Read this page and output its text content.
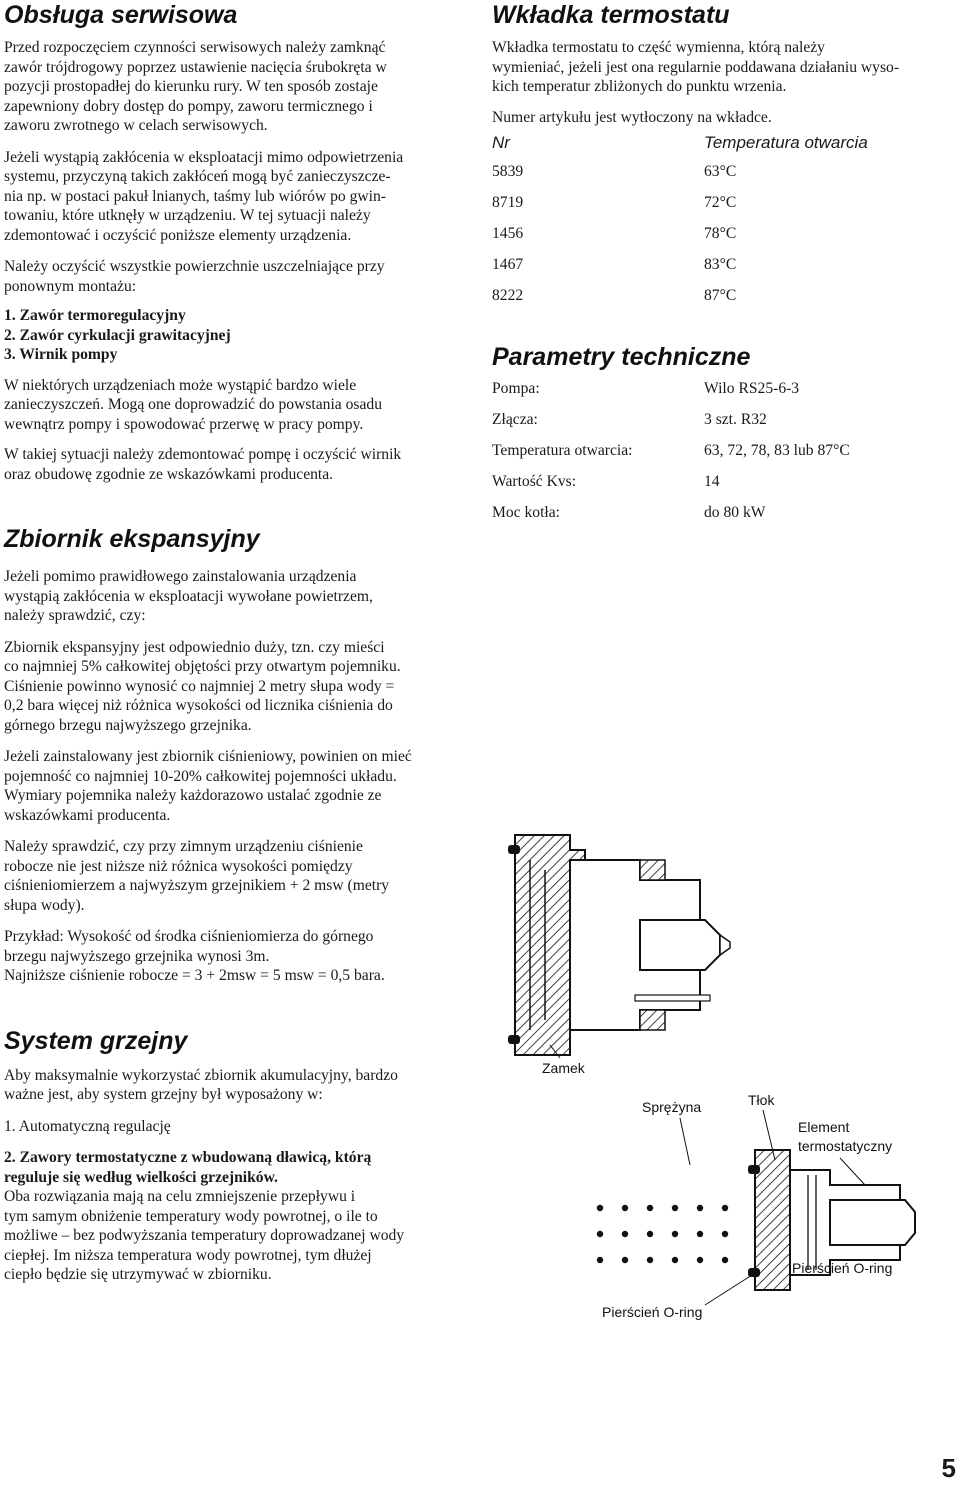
Obsługa serwisowa

Przed rozpoczęciem czynności serwisowych należy zamknąć
zawór trójdrogowy poprzez ustawienie nacięcia śrubokręta w
pozycji prostopadłej do kierunku rury. W ten sposób zostaje
zapewniony dobry dostęp do pompy, zaworu termicznego i
zaworu zwrotnego w celach serwisowych.

Jeżeli wystąpią zakłócenia w eksploatacji mimo odpowietrzenia
systemu, przyczyną takich zakłóceń mogą być zanieczyszcze-
nia np. w postaci pakuł lnianych, taśmy lub wiórów po gwin-
towaniu, które utknęły w urządzeniu. W tej sytuacji należy
zdemontować i oczyścić poniższe elementy urządzenia.

Należy oczyścić wszystkie powierzchnie uszczelniające przy
ponownym montażu:

1. Zawór termoregulacyjny

2. Zawór cyrkulacji grawitacyjnej

3. Wirnik pompy

W niektórych urządzeniach może wystąpić bardzo wiele
zanieczyszczeń. Mogą one doprowadzić do powstania osadu
wewnątrz pompy i spowodować przerwę w pracy pompy.

W takiej sytuacji należy zdemontować pompę i oczyścić wirnik
oraz obudowę zgodnie ze wskazówkami producenta.

Zbiornik ekspansyjny

Jeżeli pomimo prawidłowego zainstalowania urządzenia
wystąpią zakłócenia w eksploatacji wywołane powietrzem,
należy sprawdzić, czy:

Zbiornik ekspansyjny jest odpowiednio duży, tzn. czy mieści
co najmniej 5% całkowitej objętości przy otwartym pojemniku.
Ciśnienie powinno wynosić co najmniej 2 metry słupa wody =
0,2 bara więcej niż różnica wysokości od licznika ciśnienia do
górnego brzegu najwyższego grzejnika.

Jeżeli zainstalowany jest zbiornik ciśnieniowy, powinien on mieć
pojemność co najmniej 10-20% całkowitej pojemności układu.
Wymiary pojemnika należy każdorazowo ustalać zgodnie ze
wskazówkami producenta.

Należy sprawdzić, czy przy zimnym urządzeniu ciśnienie
robocze nie jest niższe niż różnica wysokości pomiędzy
ciśnieniomierzem a najwyższym grzejnikiem + 2 msw (metry
słupa wody).

Przykład: Wysokość od środka ciśnieniomierza do górnego
brzegu najwyższego grzejnika wynosi 3m.
Najniższe ciśnienie robocze = 3 + 2msw = 5 msw = 0,5 bara.

System grzejny

Aby maksymalnie wykorzystać zbiornik akumulacyjny, bardzo
ważne jest, aby system grzejny był wyposażony w:

1. Automatyczną regulację

2. Zawory termostatyczne z wbudowaną dławicą, którą
reguluje się według wielkości grzejników.

Oba rozwiązania mają na celu zmniejszenie przepływu i
tym samym obniżenie temperatury wody powrotnej, o ile to
możliwe – bez podwyższania temperatury doprowadzanej wody
ciepłej. Im niższa temperatura wody powrotnej, tym dłużej
ciepło będzie się utrzymywać w zbiorniku.

Wkładka termostatu

Wkładka termostatu to część wymienna, którą należy
wymieniać, jeżeli jest ona regularnie poddawana działaniu wyso-
kich temperatur zbliżonych do punktu wrzenia.

Numer artykułu jest wytłoczony na wkładce.

Nr	Temperatura otwarcia
5839	63°C
8719	72°C
1456	78°C
1467	83°C
8222	87°C
Parametry techniczne
Pompa:	Wilo RS25-6-3
Złącza:	3 szt. R32
Temperatura otwarcia:	63, 72, 78, 83 lub 87°C
Wartość Kvs:	14
Moc kotła:	do 80 kW
Zamek
Sprężyna	Tłok
Element
termostatyczny
Pierścień O-ring
Pierścień O-ring
5
